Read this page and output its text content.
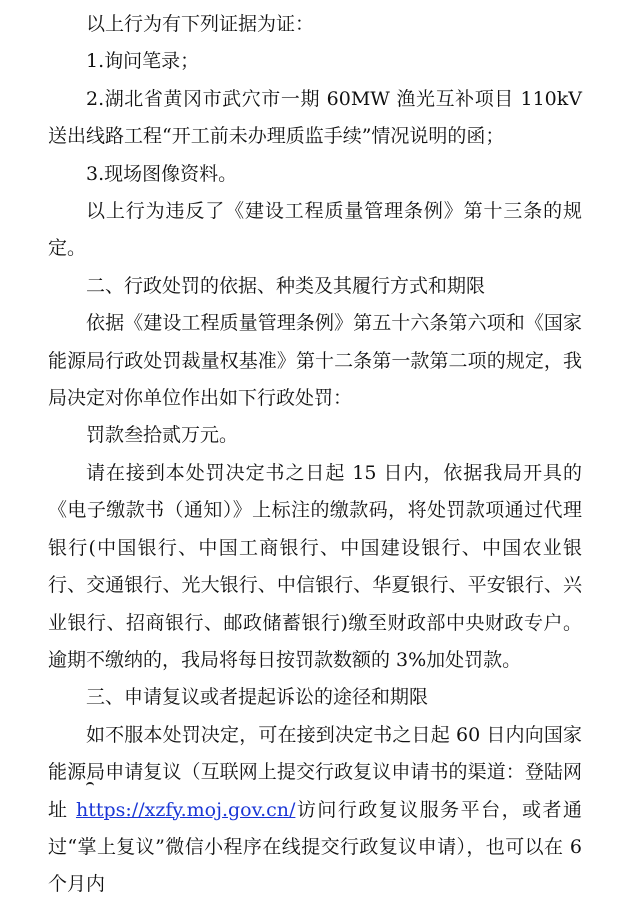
以上行为有下列证据为证：

1.询问笔录；

2.湖北省黄冈市武穴市一期 60MW 渔光互补项目 110kV 送出线路工程“开工前未办理质监手续”情况说明的函；

3.现场图像资料。

以上行为违反了《建设工程质量管理条例》第十三条的规定。

二、行政处罚的依据、种类及其履行方式和期限

依据《建设工程质量管理条例》第五十六条第六项和《国家能源局行政处罚裁量权基准》第十二条第一款第二项的规定，我局决定对你单位作出如下行政处罚：

罚款叁拾贰万元。

请在接到本处罚决定书之日起 15 日内，依据我局开具的《电子缴款书（通知）》上标注的缴款码，将处罚款项通过代理银行(中国银行、中国工商银行、中国建设银行、中国农业银行、交通银行、光大银行、中信银行、华夏银行、平安银行、兴业银行、招商银行、邮政储蓄银行)缴至财政部中央财政专户。逾期不缴纳的，我局将每日按罚款数额的 3%加处罚款。

三、申请复议或者提起诉讼的途径和期限

如不服本处罚决定，可在接到决定书之日起 60 日内向国家能源局申请复议（互联网上提交行政复议申请书的渠道：登陆网址 https://xzfy.moj.gov.cn/访问行政复议服务平台，或者通过“掌上复议”微信小程序在线提交行政复议申请），也可以在 6 个月内
